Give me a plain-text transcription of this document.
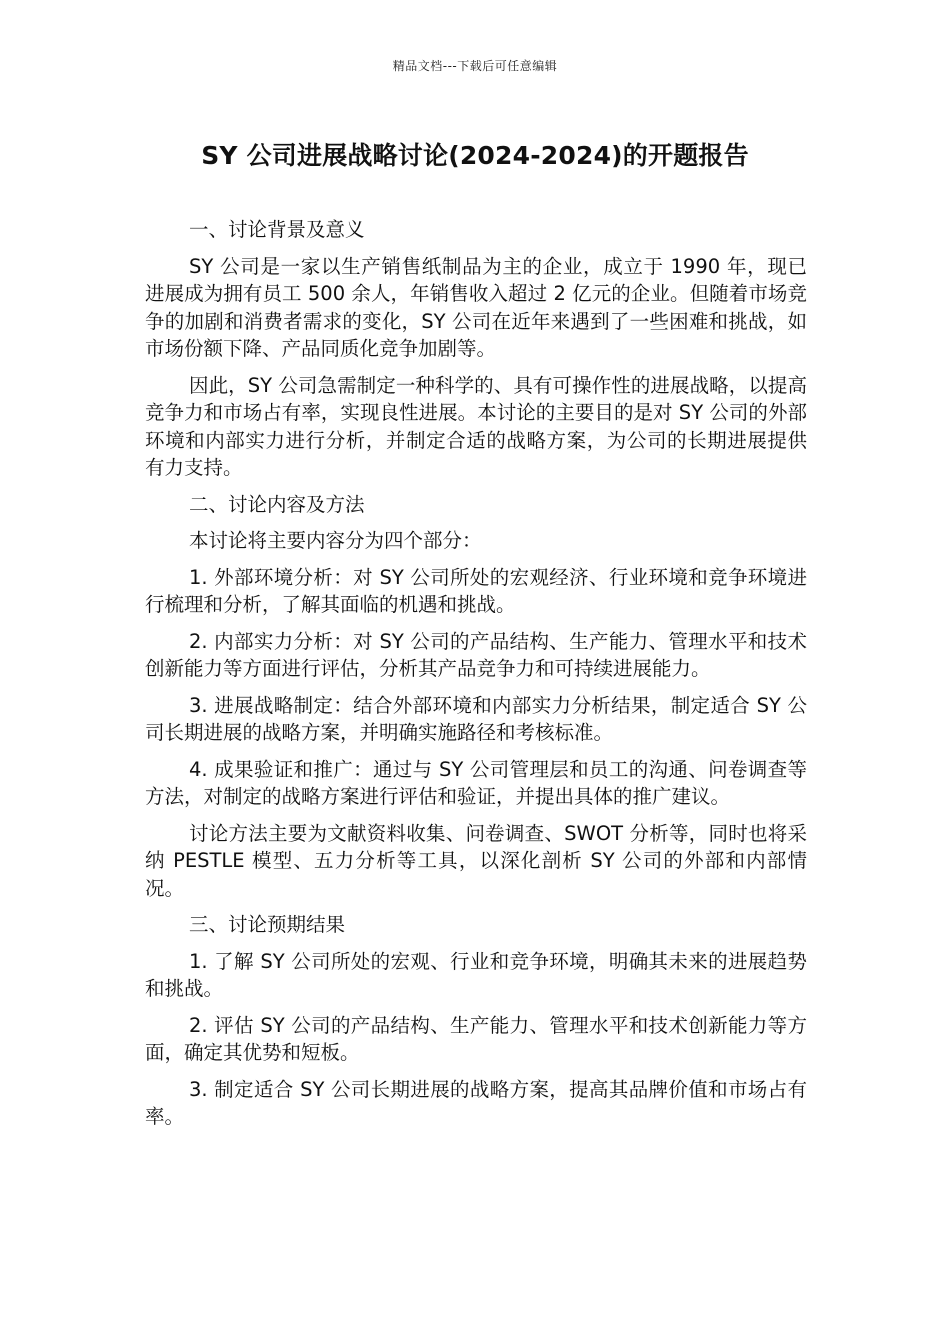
精品文档---下载后可任意编辑
SY 公司进展战略讨论(2024-2024)的开题报告

一、讨论背景及意义

SY 公司是一家以生产销售纸制品为主的企业，成立于 1990 年，现已进展成为拥有员工 500 余人，年销售收入超过 2 亿元的企业。但随着市场竞争的加剧和消费者需求的变化，SY 公司在近年来遇到了一些困难和挑战，如市场份额下降、产品同质化竞争加剧等。

因此，SY 公司急需制定一种科学的、具有可操作性的进展战略，以提高竞争力和市场占有率，实现良性进展。本讨论的主要目的是对 SY 公司的外部环境和内部实力进行分析，并制定合适的战略方案，为公司的长期进展提供有力支持。

二、讨论内容及方法

本讨论将主要内容分为四个部分：

1. 外部环境分析：对 SY 公司所处的宏观经济、行业环境和竞争环境进行梳理和分析，了解其面临的机遇和挑战。

2. 内部实力分析：对 SY 公司的产品结构、生产能力、管理水平和技术创新能力等方面进行评估，分析其产品竞争力和可持续进展能力。

3. 进展战略制定：结合外部环境和内部实力分析结果，制定适合 SY 公司长期进展的战略方案，并明确实施路径和考核标准。

4. 成果验证和推广：通过与 SY 公司管理层和员工的沟通、问卷调查等方法，对制定的战略方案进行评估和验证，并提出具体的推广建议。

讨论方法主要为文献资料收集、问卷调查、SWOT 分析等，同时也将采纳 PESTLE 模型、五力分析等工具，以深化剖析 SY 公司的外部和内部情况。

三、讨论预期结果

1. 了解 SY 公司所处的宏观、行业和竞争环境，明确其未来的进展趋势和挑战。

2. 评估 SY 公司的产品结构、生产能力、管理水平和技术创新能力等方面，确定其优势和短板。

3. 制定适合 SY 公司长期进展的战略方案，提高其品牌价值和市场占有率。
